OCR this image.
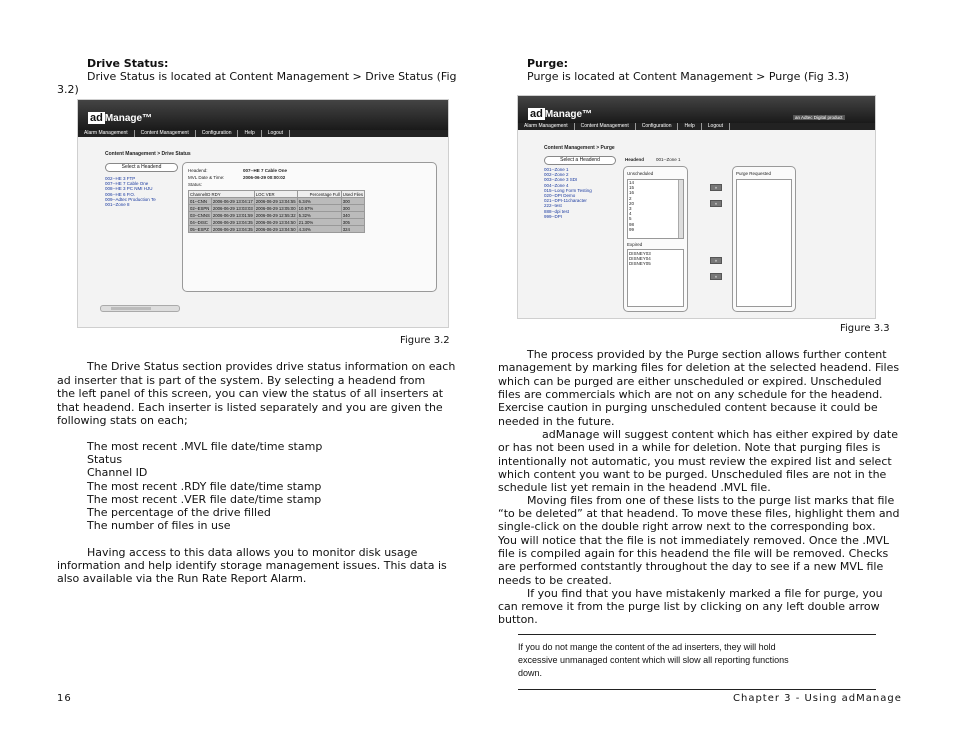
Drive Status:
Drive Status is located at Content Management > Drive Status (Fig
3.2)
ad Manage™
Alarm Management	Content Management	Configuration	Help	Logout
Content Management > Drive Status
Select a Headend
002--HE 3 FTP
007--HE 7 Cable One
008--HE 3 PC NMI HJU
006--HE 6 P.O.
009--Adtec Production Te
001--Zone 8
Headend:	007--HE 7 Cable One
MVL Date & Time:	2006-06-29 00:00:02
Status:
ChannelID RDY		LOC VER	Percentage Full	Used Files
01--CNN	2006-06-29 13:04:17	2006-06-29 13:04:55	6.34%	300
02--ESPN	2006-06-29 13:03:03	2006-06-29 13:05:00	10.97%	300
03--CNNS	2006-06-29 13:01:59	2006-06-29 12:55:32	5.32%	340
04--DISC	2006-06-29 13:04:35	2006-06-29 13:04:50	21.30%	305
05--ESPZ	2006-06-29 13:04:35	2006-06-29 13:04:50	4.34%	324
Figure 3.2
The Drive Status section provides drive status information on each
ad inserter that is part of the system. By selecting a headend from
the left panel of this screen, you can view the status of all inserters at
that headend. Each inserter is listed separately and you are given the
following stats on each;
The most recent .MVL file date/time stamp
Status
Channel ID
The most recent .RDY file date/time stamp
The most recent .VER file date/time stamp
The percentage of the drive filled
The number of files in use
Having access to this data allows you to monitor disk usage
information and help identify storage management issues. This data is
also available via the Run Rate Report Alarm.
16
Purge:
Purge is located at Content Management > Purge (Fig 3.3)
ad Manage™	an Adtec Digital product
Alarm Management	Content Management	Configuration	Help	Logout
Content Management > Purge
Select a Headend	Headend	001--Zone 1
001--Zone 1
002--Zone 2
003--Zone 3 SDI
004--Zone 4
015--Long Form Testing
020--DPI Demo
021--DPI-11character
222--test
888--dpi test
999--DPI
Unscheduled
14
15
16
2
20
3
4
5
98
99
Expired
DISNEY03
DISNEY04
DISNEY05
»
«
»
«
Purge Requested
Figure 3.3
The process provided by the Purge section allows further content
management by marking files for deletion at the selected headend. Files
which can be purged are either unscheduled or expired. Unscheduled
files are commercials which are not on any schedule for the headend.
Exercise caution in purging unscheduled content because it could be
needed in the future.
adManage will suggest content which has either expired by date
or has not been used in a while for deletion. Note that purging files is
intentionally not automatic, you must review the expired list and select
which content you want to be purged. Unscheduled files are not in the
schedule list yet remain in the headend .MVL file.
Moving files from one of these lists to the purge list marks that file
“to be deleted” at that headend. To move these files, highlight them and
single-click on the double right arrow next to the corresponding box.
You will notice that the file is not immediately removed. Once the .MVL
file is compiled again for this headend the file will be removed. Checks
are performed contstantly throughout the day to see if a new MVL file
needs to be created.
If you find that you have mistakenly marked a file for purge, you
can remove it from the purge list by clicking on any left double arrow
button.
If you do not mange the content of the ad inserters, they will hold
excessive unmanaged content which will slow all reporting functions
down.
Chapter 3 - Using adManage
